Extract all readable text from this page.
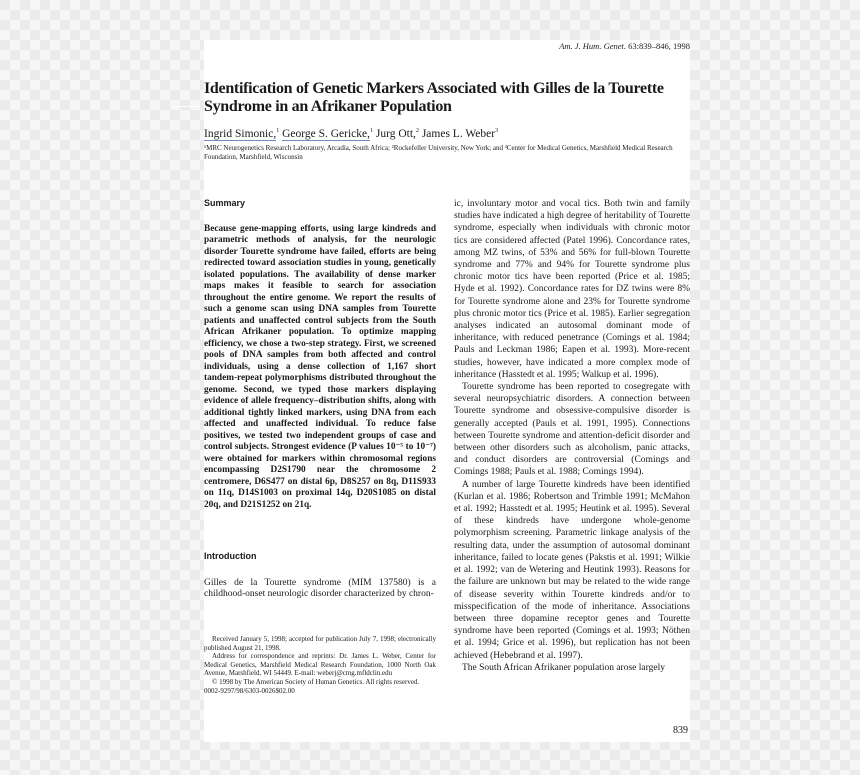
Am. J. Hum. Genet. 63:839–846, 1998
Identification of Genetic Markers Associated with Gilles de la Tourette Syndrome in an Afrikaner Population
Ingrid Simonic,$^1$ George S. Gericke,$^1$ Jurg Ott,$^2$ James L. Weber$^3$
¹MRC Neurogenetics Research Laboratory, Arcadia, South Africa; ²Rockefeller University, New York; and ³Center for Medical Genetics, Marshfield Medical Research Foundation, Marshfield, Wisconsin
Summary

Because gene-mapping efforts, using large kindreds and parametric methods of analysis, for the neurologic disorder Tourette syndrome have failed, efforts are being redirected toward association studies in young, genetically isolated populations. The availability of dense marker maps makes it feasible to search for association throughout the entire genome. We report the results of such a genome scan using DNA samples from Tourette patients and unaffected control subjects from the South African Afrikaner population. To optimize mapping efficiency, we chose a two-step strategy. First, we screened pools of DNA samples from both affected and control individuals, using a dense collection of 1,167 short tandem-repeat polymorphisms distributed throughout the genome. Second, we typed those markers displaying evidence of allele frequency–distribution shifts, along with additional tightly linked markers, using DNA from each affected and unaffected individual. To reduce false positives, we tested two independent groups of case and control subjects. Strongest evidence (P values 10⁻⁵ to 10⁻⁷) were obtained for markers within chromosomal regions encompassing D2S1790 near the chromosome 2 centromere, D6S477 on distal 6p, D8S257 on 8q, D11S933 on 11q, D14S1003 on proximal 14q, D20S1085 on distal 20q, and D21S1252 on 21q.

Introduction

Gilles de la Tourette syndrome (MIM 137580) is a childhood-onset neurologic disorder characterized by chron-

Received January 5, 1998; accepted for publication July 7, 1998; electronically published August 21, 1998.

Address for correspondence and reprints: Dr. James L. Weber, Center for Medical Genetics, Marshfield Medical Research Foundation, 1000 North Oak Avenue, Marshfield, WI 54449. E-mail: weberj@cmg.mfldclin.edu

© 1998 by The American Society of Human Genetics. All rights reserved.

0002-9297/98/6303-0026$02.00

ic, involuntary motor and vocal tics. Both twin and family studies have indicated a high degree of heritability of Tourette syndrome, especially when individuals with chronic motor tics are considered affected (Patel 1996). Concordance rates, among MZ twins, of 53% and 56% for full-blown Tourette syndrome and 77% and 94% for Tourette syndrome plus chronic motor tics have been reported (Price et al. 1985; Hyde et al. 1992). Concordance rates for DZ twins were 8% for Tourette syndrome alone and 23% for Tourette syndrome plus chronic motor tics (Price et al. 1985). Earlier segregation analyses indicated an autosomal dominant mode of inheritance, with reduced penetrance (Comings et al. 1984; Pauls and Leckman 1986; Eapen et al. 1993). More-recent studies, however, have indicated a more complex mode of inheritance (Hasstedt et al. 1995; Walkup et al. 1996).

Tourette syndrome has been reported to cosegregate with several neuropsychiatric disorders. A connection between Tourette syndrome and obsessive-compulsive disorder is generally accepted (Pauls et al. 1991, 1995). Connections between Tourette syndrome and attention-deficit disorder and between other disorders such as alcoholism, panic attacks, and conduct disorders are controversial (Comings and Comings 1988; Pauls et al. 1988; Comings 1994).

A number of large Tourette kindreds have been identified (Kurlan et al. 1986; Robertson and Trimble 1991; McMahon et al. 1992; Hasstedt et al. 1995; Heutink et al. 1995). Several of these kindreds have undergone whole-genome polymorphism screening. Parametric linkage analysis of the resulting data, under the assumption of autosomal dominant inheritance, failed to locate genes (Pakstis et al. 1991; Wilkie et al. 1992; van de Wetering and Heutink 1993). Reasons for the failure are unknown but may be related to the wide range of disease severity within Tourette kindreds and/or to misspecification of the mode of inheritance. Associations between three dopamine receptor genes and Tourette syndrome have been reported (Comings et al. 1993; Nöthen et al. 1994; Grice et al. 1996), but replication has not been achieved (Hebebrand et al. 1997).

The South African Afrikaner population arose largely

839
